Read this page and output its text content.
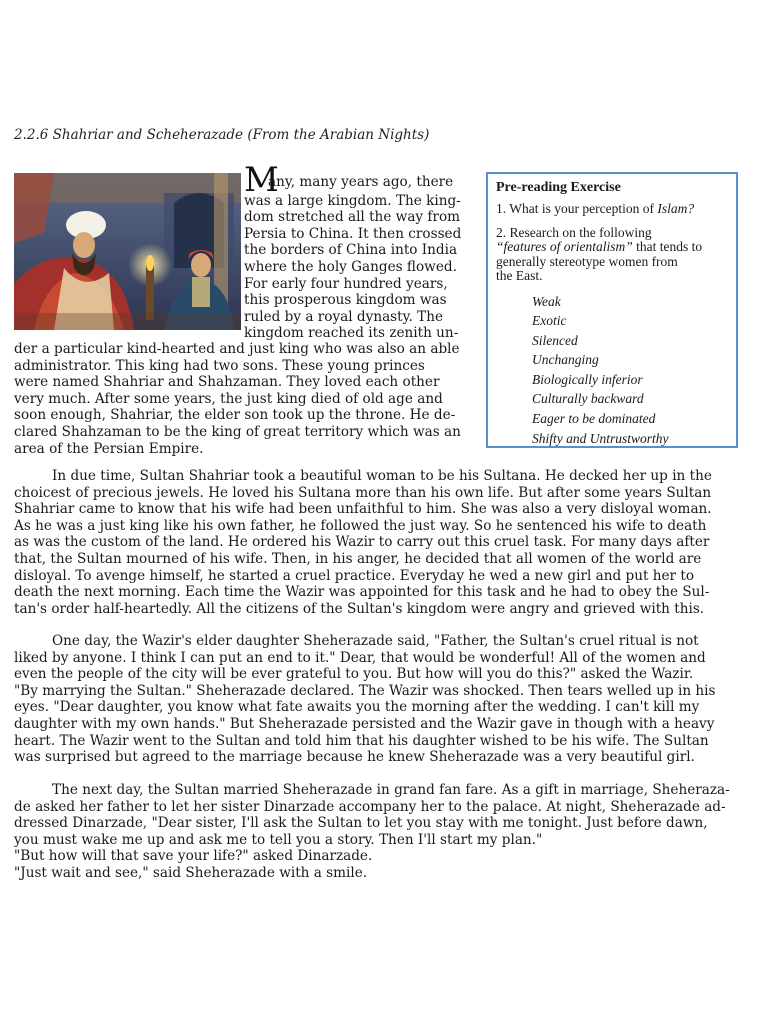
2.2.6 Shahriar and Scheherazade (From the Arabian Nights)
M
any, many years ago, there
was a large kingdom. The king-
dom stretched all the way from
Persia to China. It then crossed
the borders of China into India
where the holy Ganges flowed.
For early four hundred years,
this prosperous kingdom was
ruled by a royal dynasty. The
kingdom reached its zenith un-
der a particular kind-hearted and just king who was also an able
administrator. This king had two sons. These young princes
were named Shahriar and Shahzaman. They loved each other
very much. After some years, the just king died of old age and
soon enough, Shahriar, the elder son took up the throne. He de-
clared Shahzaman to be the king of great territory which was an
area of the Persian Empire.
Pre-reading Exercise
1. What is your perception of Islam?
2. Research on the following
“features of orientalism” that tends to
generally stereotype women from
the East.
Weak
Exotic
Silenced
Unchanging
Biologically inferior
Culturally backward
Eager to be dominated
Shifty and Untrustworthy
In due time, Sultan Shahriar took a beautiful woman to be his Sultana. He decked her up in the
choicest of precious jewels. He loved his Sultana more than his own life. But after some years Sultan
Shahriar came to know that his wife had been unfaithful to him. She was also a very disloyal woman.
As he was a just king like his own father, he followed the just way. So he sentenced his wife to death
as was the custom of the land. He ordered his Wazir to carry out this cruel task. For many days after
that, the Sultan mourned of his wife. Then, in his anger, he decided that all women of the world are
disloyal. To avenge himself, he started a cruel practice. Everyday he wed a new girl and put her to
death the next morning. Each time the Wazir was appointed for this task and he had to obey the Sul-
tan's order half-heartedly. All the citizens of the Sultan's kingdom were angry and grieved with this.
One day, the Wazir's elder daughter Sheherazade said, "Father, the Sultan's cruel ritual is not
liked by anyone. I think I can put an end to it." Dear, that would be wonderful! All of the women and
even the people of the city will be ever grateful to you. But how will you do this?" asked the Wazir.
"By marrying the Sultan." Sheherazade declared. The Wazir was shocked. Then tears welled up in his
eyes. "Dear daughter, you know what fate awaits you the morning after the wedding. I can't kill my
daughter with my own hands." But Sheherazade persisted and the Wazir gave in though with a heavy
heart. The Wazir went to the Sultan and told him that his daughter wished to be his wife. The Sultan
was surprised but agreed to the marriage because he knew Sheherazade was a very beautiful girl.
The next day, the Sultan married Sheherazade in grand fan fare. As a gift in marriage, Sheheraza-
de asked her father to let her sister Dinarzade accompany her to the palace. At night, Sheherazade ad-
dressed Dinarzade, "Dear sister, I'll ask the Sultan to let you stay with me tonight. Just before dawn,
you must wake me up and ask me to tell you a story. Then I'll start my plan."
"But how will that save your life?" asked Dinarzade.
"Just wait and see," said Sheherazade with a smile.
